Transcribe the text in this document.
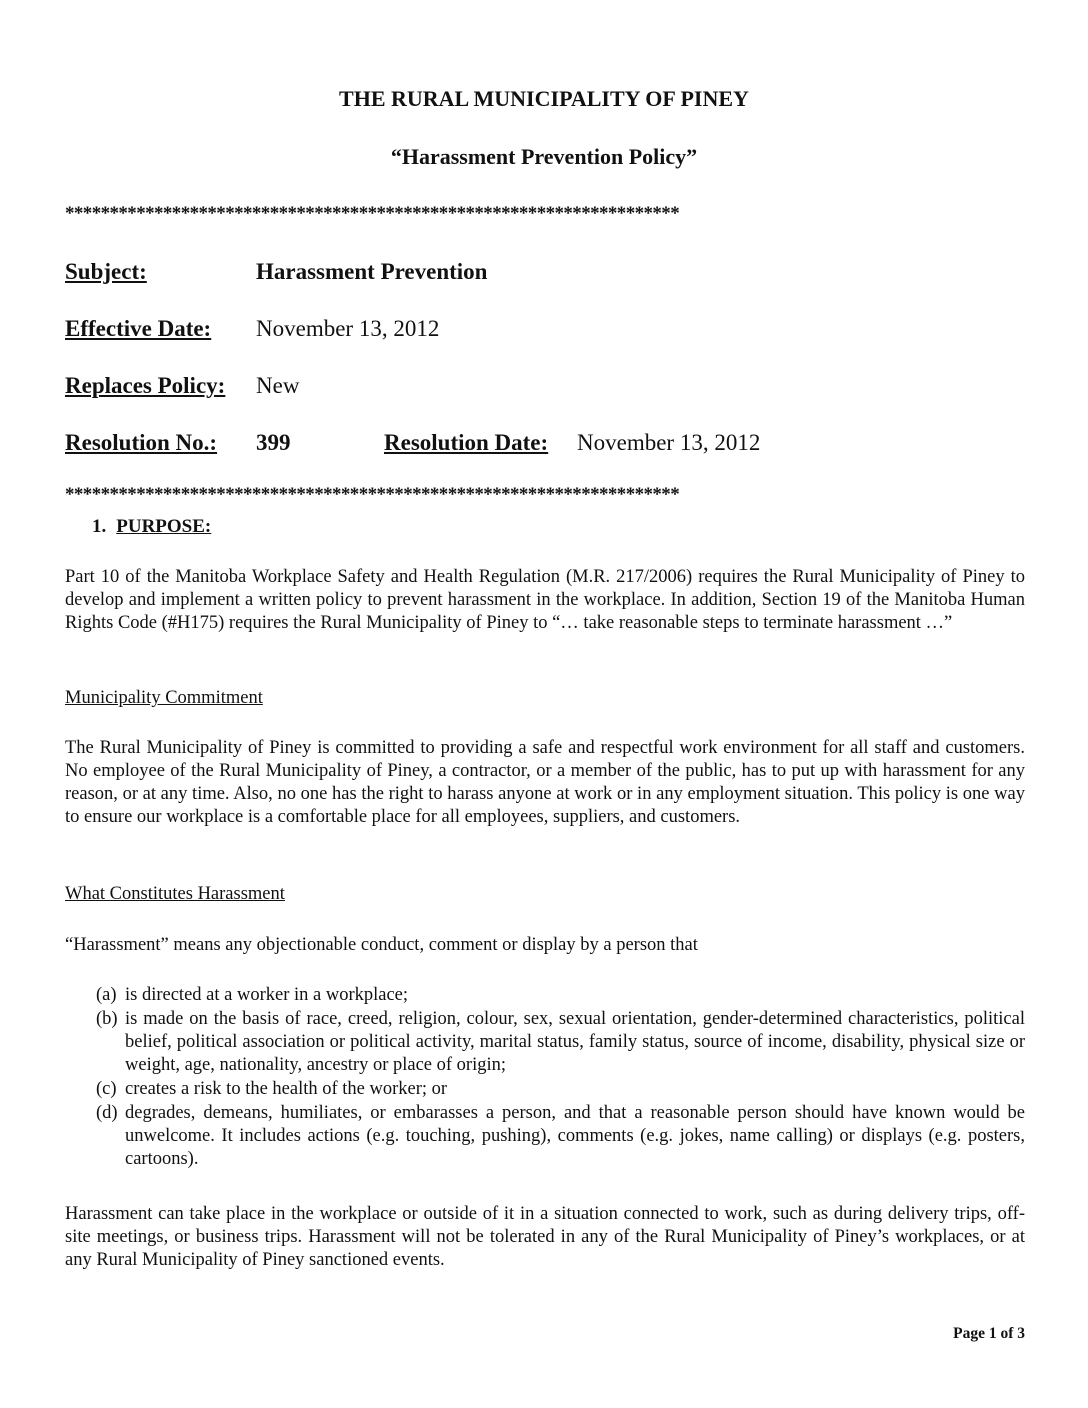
THE RURAL MUNICIPALITY OF PINEY
“Harassment Prevention Policy”
*********************************************************************
Subject:	Harassment Prevention
Effective Date: November 13, 2012
Replaces Policy: New
Resolution No.: 399	Resolution Date: November 13, 2012
*********************************************************************
1. PURPOSE:

Part 10 of the Manitoba Workplace Safety and Health Regulation (M.R. 217/2006) requires the Rural Municipality of Piney to develop and implement a written policy to prevent harassment in the workplace. In addition, Section 19 of the Manitoba Human Rights Code (#H175) requires the Rural Municipality of Piney to “… take reasonable steps to terminate harassment …”

Municipality Commitment

The Rural Municipality of Piney is committed to providing a safe and respectful work environment for all staff and customers. No employee of the Rural Municipality of Piney, a contractor, or a member of the public, has to put up with harassment for any reason, or at any time. Also, no one has the right to harass anyone at work or in any employment situation. This policy is one way to ensure our workplace is a comfortable place for all employees, suppliers, and customers.

What Constitutes Harassment

“Harassment” means any objectionable conduct, comment or display by a person that

(a) is directed at a worker in a workplace;
(b) is made on the basis of race, creed, religion, colour, sex, sexual orientation, gender-determined characteristics, political belief, political association or political activity, marital status, family status, source of income, disability, physical size or weight, age, nationality, ancestry or place of origin;
(c) creates a risk to the health of the worker; or
(d) degrades, demeans, humiliates, or embarasses a person, and that a reasonable person should have known would be unwelcome. It includes actions (e.g. touching, pushing), comments (e.g. jokes, name calling) or displays (e.g. posters, cartoons).

Harassment can take place in the workplace or outside of it in a situation connected to work, such as during delivery trips, off-site meetings, or business trips. Harassment will not be tolerated in any of the Rural Municipality of Piney’s workplaces, or at any Rural Municipality of Piney sanctioned events.

Page 1 of 3
